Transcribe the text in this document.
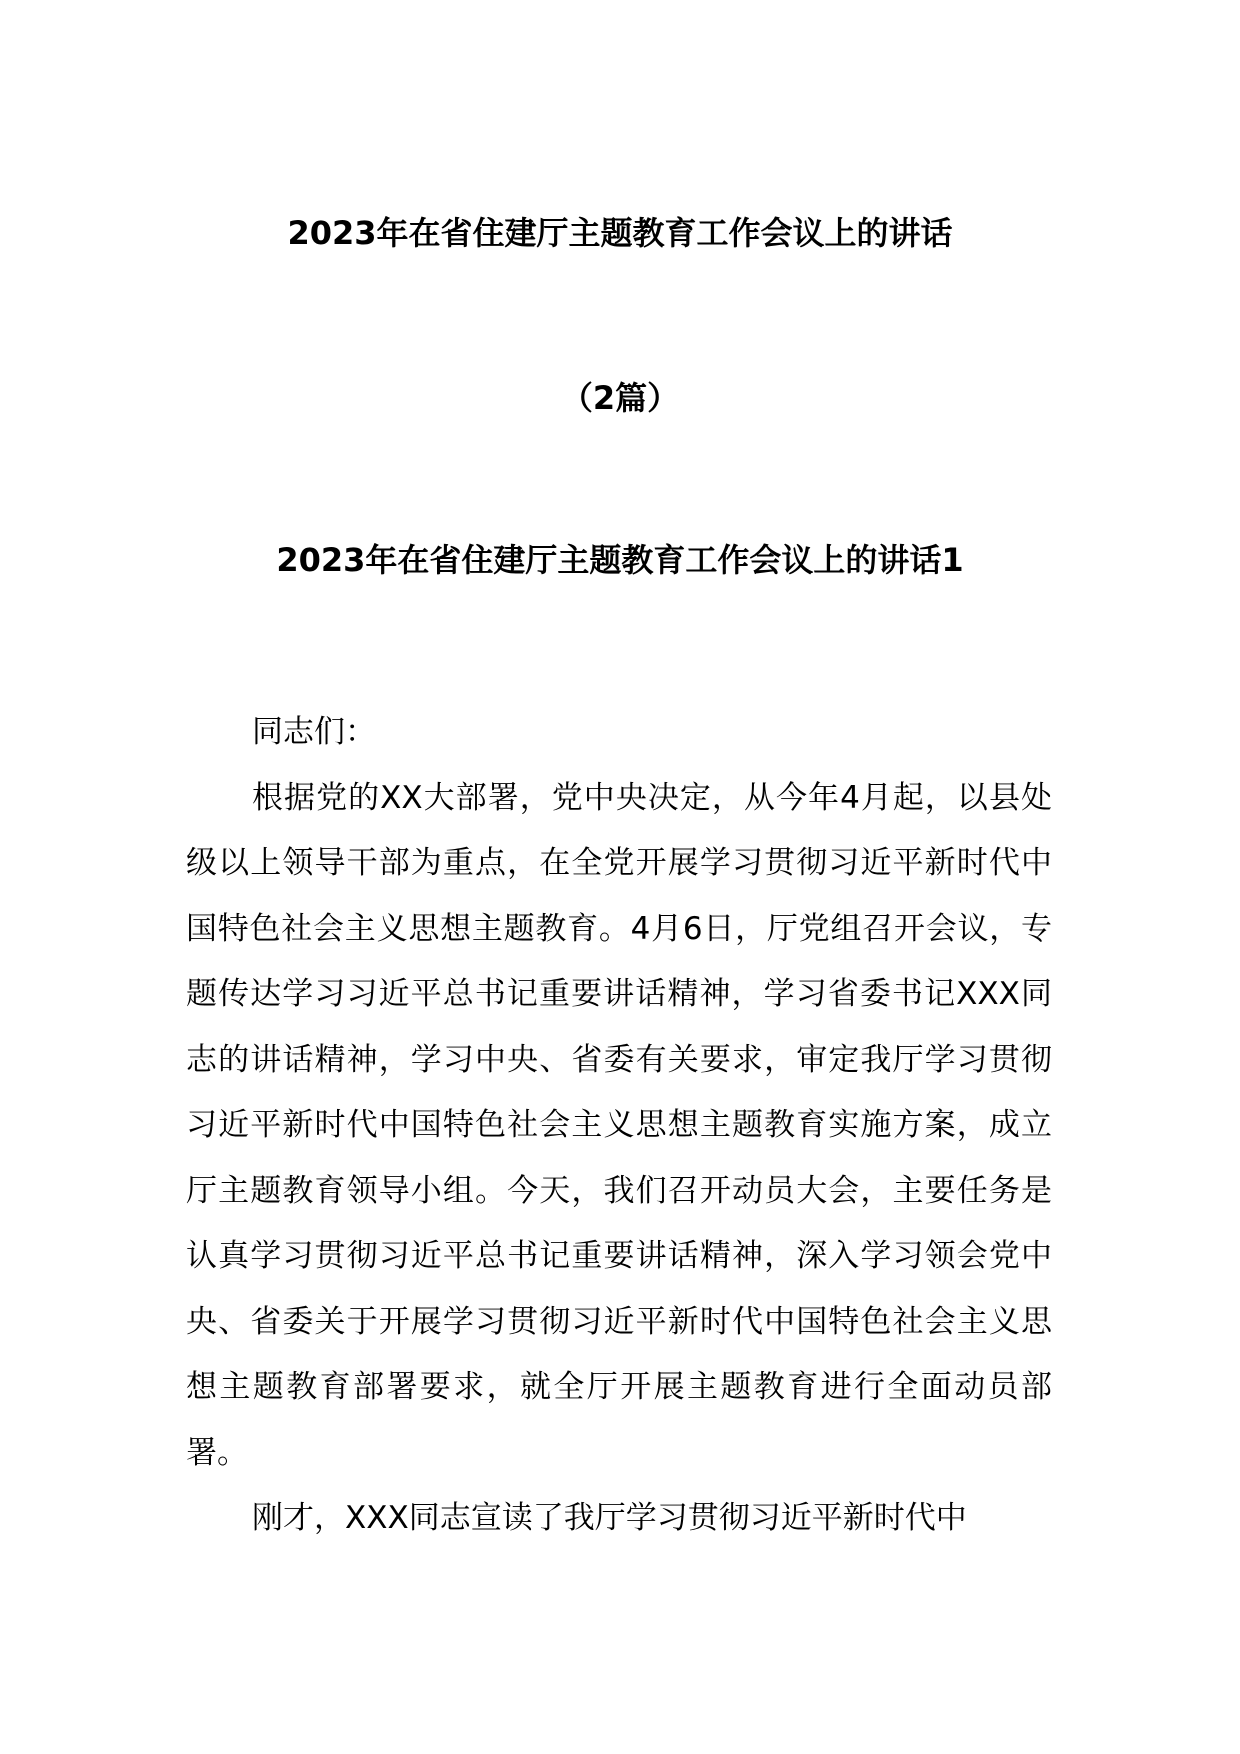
2023年在省住建厅主题教育工作会议上的讲话
（2篇）
2023年在省住建厅主题教育工作会议上的讲话1

同志们：

根据党的XX大部署，党中央决定，从今年4月起，以县处级以上领导干部为重点，在全党开展学习贯彻习近平新时代中国特色社会主义思想主题教育。4月6日，厅党组召开会议，专题传达学习习近平总书记重要讲话精神，学习省委书记XXX同志的讲话精神，学习中央、省委有关要求，审定我厅学习贯彻习近平新时代中国特色社会主义思想主题教育实施方案，成立厅主题教育领导小组。今天，我们召开动员大会，主要任务是认真学习贯彻习近平总书记重要讲话精神，深入学习领会党中央、省委关于开展学习贯彻习近平新时代中国特色社会主义思想主题教育部署要求，就全厅开展主题教育进行全面动员部署。

刚才，XXX同志宣读了我厅学习贯彻习近平新时代中
